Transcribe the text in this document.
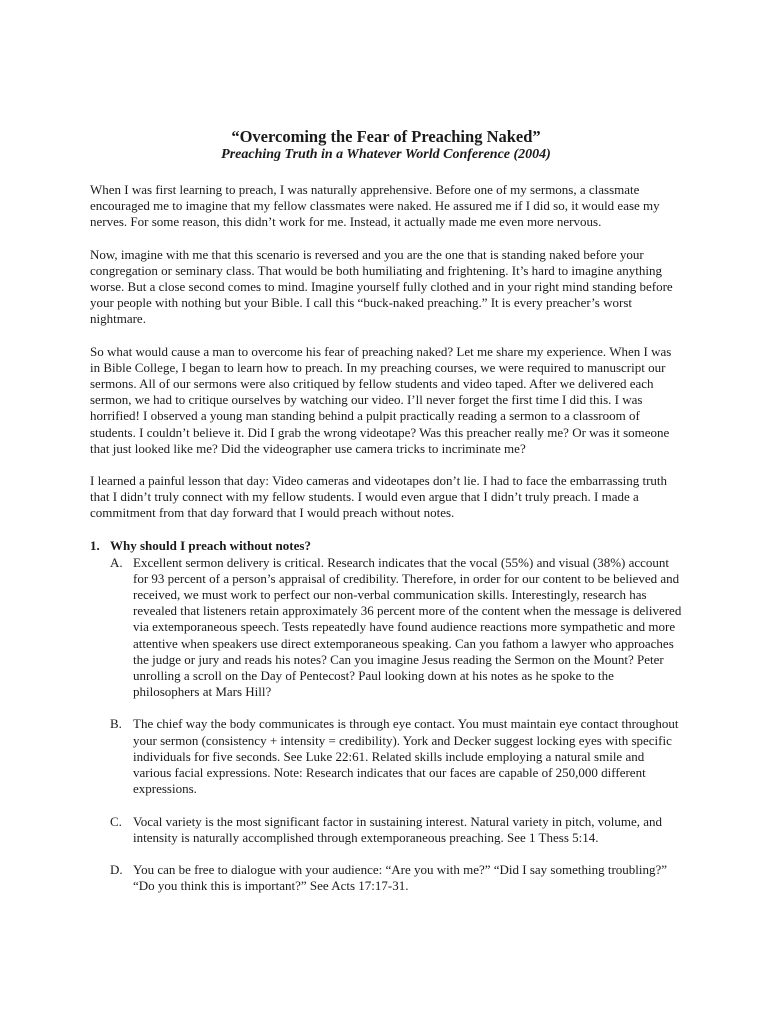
“Overcoming the Fear of Preaching Naked”
Preaching Truth in a Whatever World Conference (2004)

When I was first learning to preach, I was naturally apprehensive. Before one of my sermons, a classmate encouraged me to imagine that my fellow classmates were naked. He assured me if I did so, it would ease my nerves. For some reason, this didn’t work for me. Instead, it actually made me even more nervous.

Now, imagine with me that this scenario is reversed and you are the one that is standing naked before your congregation or seminary class. That would be both humiliating and frightening. It’s hard to imagine anything worse. But a close second comes to mind. Imagine yourself fully clothed and in your right mind standing before your people with nothing but your Bible. I call this “buck-naked preaching.” It is every preacher’s worst nightmare.

So what would cause a man to overcome his fear of preaching naked? Let me share my experience. When I was in Bible College, I began to learn how to preach. In my preaching courses, we were required to manuscript our sermons. All of our sermons were also critiqued by fellow students and video taped. After we delivered each sermon, we had to critique ourselves by watching our video. I’ll never forget the first time I did this. I was horrified! I observed a young man standing behind a pulpit practically reading a sermon to a classroom of students. I couldn’t believe it. Did I grab the wrong videotape? Was this preacher really me? Or was it someone that just looked like me? Did the videographer use camera tricks to incriminate me?

I learned a painful lesson that day: Video cameras and videotapes don’t lie. I had to face the embarrassing truth that I didn’t truly connect with my fellow students. I would even argue that I didn’t truly preach. I made a commitment from that day forward that I would preach without notes.

1. Why should I preach without notes?
A. Excellent sermon delivery is critical. Research indicates that the vocal (55%) and visual (38%) account for 93 percent of a person’s appraisal of credibility. Therefore, in order for our content to be believed and received, we must work to perfect our non-verbal communication skills. Interestingly, research has revealed that listeners retain approximately 36 percent more of the content when the message is delivered via extemporaneous speech. Tests repeatedly have found audience reactions more sympathetic and more attentive when speakers use direct extemporaneous speaking. Can you fathom a lawyer who approaches the judge or jury and reads his notes? Can you imagine Jesus reading the Sermon on the Mount? Peter unrolling a scroll on the Day of Pentecost? Paul looking down at his notes as he spoke to the philosophers at Mars Hill?
B. The chief way the body communicates is through eye contact. You must maintain eye contact throughout your sermon (consistency + intensity = credibility). York and Decker suggest locking eyes with specific individuals for five seconds. See Luke 22:61. Related skills include employing a natural smile and various facial expressions. Note: Research indicates that our faces are capable of 250,000 different expressions.
C. Vocal variety is the most significant factor in sustaining interest. Natural variety in pitch, volume, and intensity is naturally accomplished through extemporaneous preaching. See 1 Thess 5:14.
D. You can be free to dialogue with your audience: “Are you with me?” “Did I say something troubling?” “Do you think this is important?” See Acts 17:17-31.
